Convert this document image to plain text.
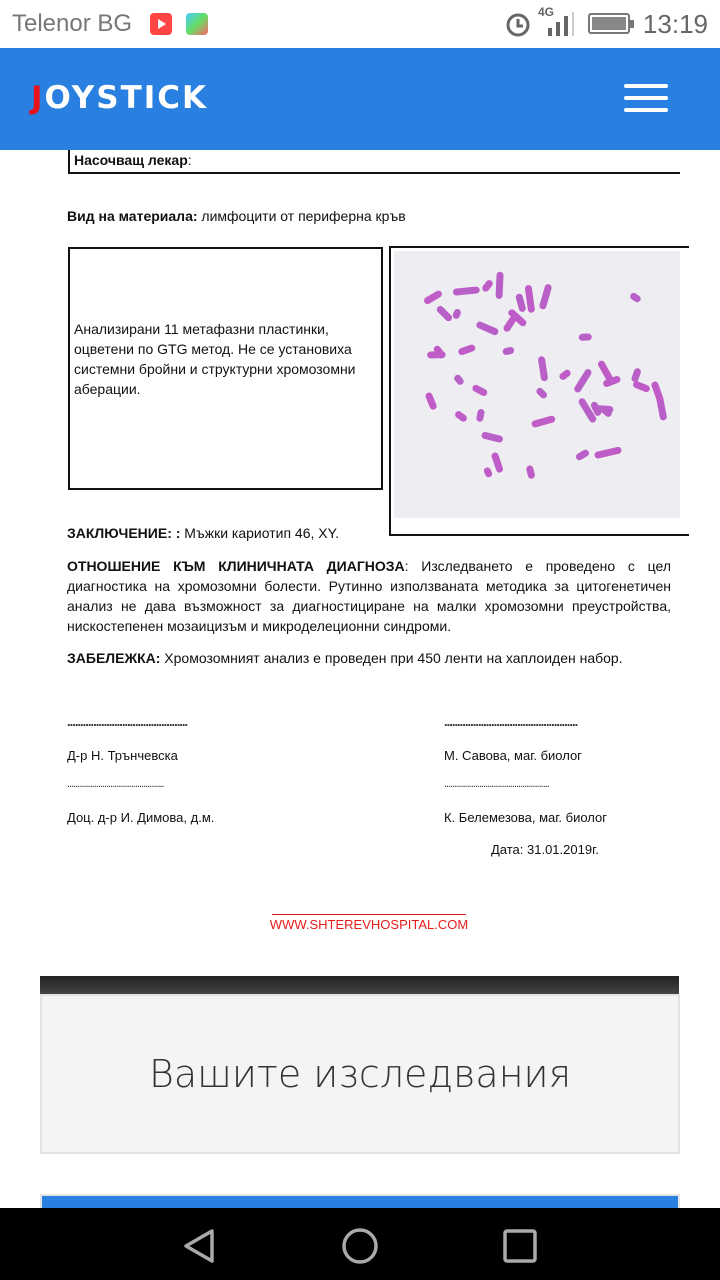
Telenor BG	4G	13:19
JOYSTICK
Насочващ лекар:
Вид на материала: лимфоцити от периферна кръв
Анализирани 11 метафазни пластинки, оцветени по GTG метод. Не се установиха системни бройни и структурни хромозомни аберации.
ЗАКЛЮЧЕНИЕ: : Мъжки кариотип 46, XY.
ОТНОШЕНИЕ КЪМ КЛИНИЧНАТА ДИАГНОЗА: Изследването е проведено с цел диагностика на хромозомни болести. Рутинно използваната методика за цитогенетичен анализ не дава възможност за диагностициране на малки хромозомни преустройства, нискостепенен мозаицизъм и микроделеционни синдроми.
ЗАБЕЛЕЖКА: Хромозомният анализ е проведен при 450 ленти на хаплоиден набор.
..............................................	...................................................
Д-р Н. Трънчевска	М. Савова, маг. биолог
...............................................	...................................................
Доц. д-р И. Димова, д.м.	К. Белемезова, маг. биолог
Дата: 31.01.2019г.
WWW.SHTEREVHOSPITAL.COM
Вашите изследвания
